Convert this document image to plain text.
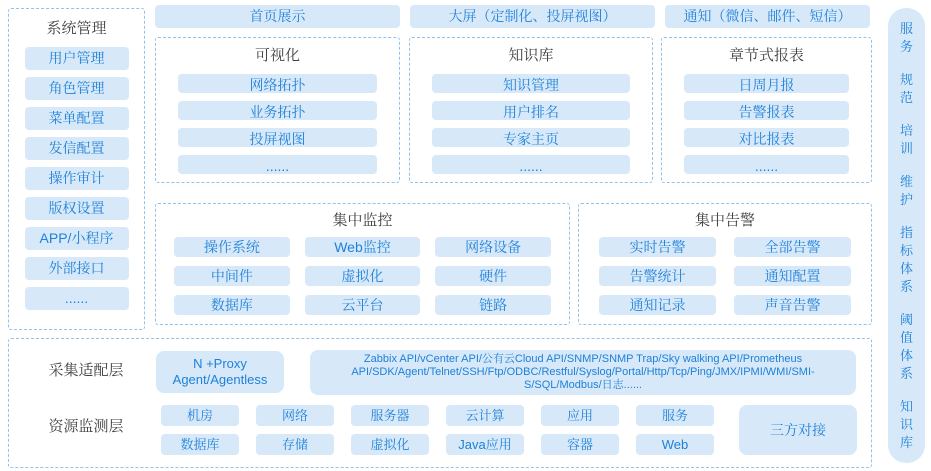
系统管理
用户管理
角色管理
菜单配置
发信配置
操作审计
版权设置
APP/小程序
外部接口
......
首页展示	大屏（定制化、投屏视图）	通知（微信、邮件、短信）
可视化
网络拓扑
业务拓扑
投屏视图
......
知识库
知识管理
用户排名
专家主页
......
章节式报表
日周月报
告警报表
对比报表
......
集中监控
操作系统	Web监控	网络设备
中间件	虚拟化	硬件
数据库	云平台	链路
集中告警
实时告警	全部告警
告警统计	通知配置
通知记录	声音告警
服务
规范
培训
维护
指标体系
阈值体系
知识库
采集适配层
资源监测层
N +Proxy
Agent/Agentless
Zabbix API/vCenter API/公有云Cloud API/SNMP/SNMP Trap/Sky walking API/Prometheus API/SDK/Agent/Telnet/SSH/Ftp/ODBC/Restful/Syslog/Portal/Http/Tcp/Ping/JMX/IPMI/WMI/SMI-S/SQL/Modbus/日志......
机房	网络	服务器	云计算	应用	服务
数据库	存储	虚拟化	Java应用	容器	Web
三方对接
